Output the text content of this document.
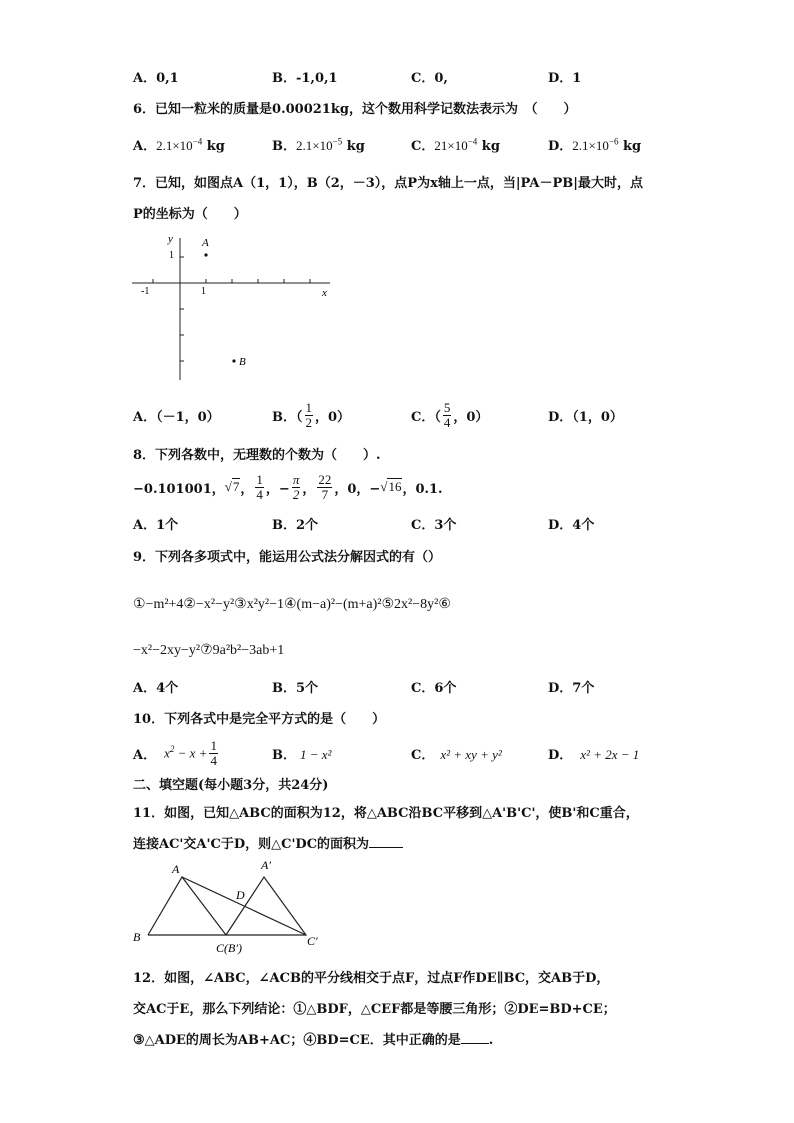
A．0,1	B．-1,0,1	C．0,	D．1
6．已知一粒米的质量是0.00021kg，这个数用科学记数法表示为　（　　）
A．$2.1\times 10^{-4}$ kg	B．$2.1\times 10^{-5}$ kg	C．$21\times 10^{-4}$ kg	D．$2.1\times 10^{-6}$ kg
7．已知，如图点A（1，1），B（2，－3），点P为x轴上一点，当|PA－PB|最大时，点
P的坐标为（　　）
y
x
A
B
1
-1	1
A．（－1，0）	B．（ $\frac{1}{2}$ ，0）	C．（ $\frac{5}{4}$ ，0）	D．（1，0）
8．下列各数中，无理数的个数为（　　）.
−0.101001， √7 ， $\frac{1}{4}$ ，− $\frac{\pi}{2}$ ， $\frac{22}{7}$ ，0，− √16 ，0.1.
A．1个	B．2个	C．3个	D．4个
9．下列各多项式中，能运用公式法分解因式的有（）
①−m²+4②−x²−y²③x²y²−1④(m−a)²−(m+a)²⑤2x²−8y²⑥
−x²−2xy−y²⑦9a²b²−3ab+1
A．4个	B．5个	C．6个	D．7个
10．下列各式中是完全平方式的是（　　）
A． $x^2 - x + \frac{1}{4}$	B． 1 − x²	C． x² + xy + y²	D． x² + 2x − 1
二、填空题(每小题3分，共24分)
11．如图，已知△ABC的面积为12，将△ABC沿BC平移到△A'B'C'，使B'和C重合，
连接AC'交A'C于D，则△C'DC的面积为
A	A′
D
B
C(B′)	C′
12．如图，∠ABC，∠ACB的平分线相交于点F，过点F作DE∥BC，交AB于D，
交AC于E，那么下列结论：①△BDF，△CEF都是等腰三角形；②DE=BD+CE；
③△ADE的周长为AB+AC；④BD=CE．其中正确的是 .
